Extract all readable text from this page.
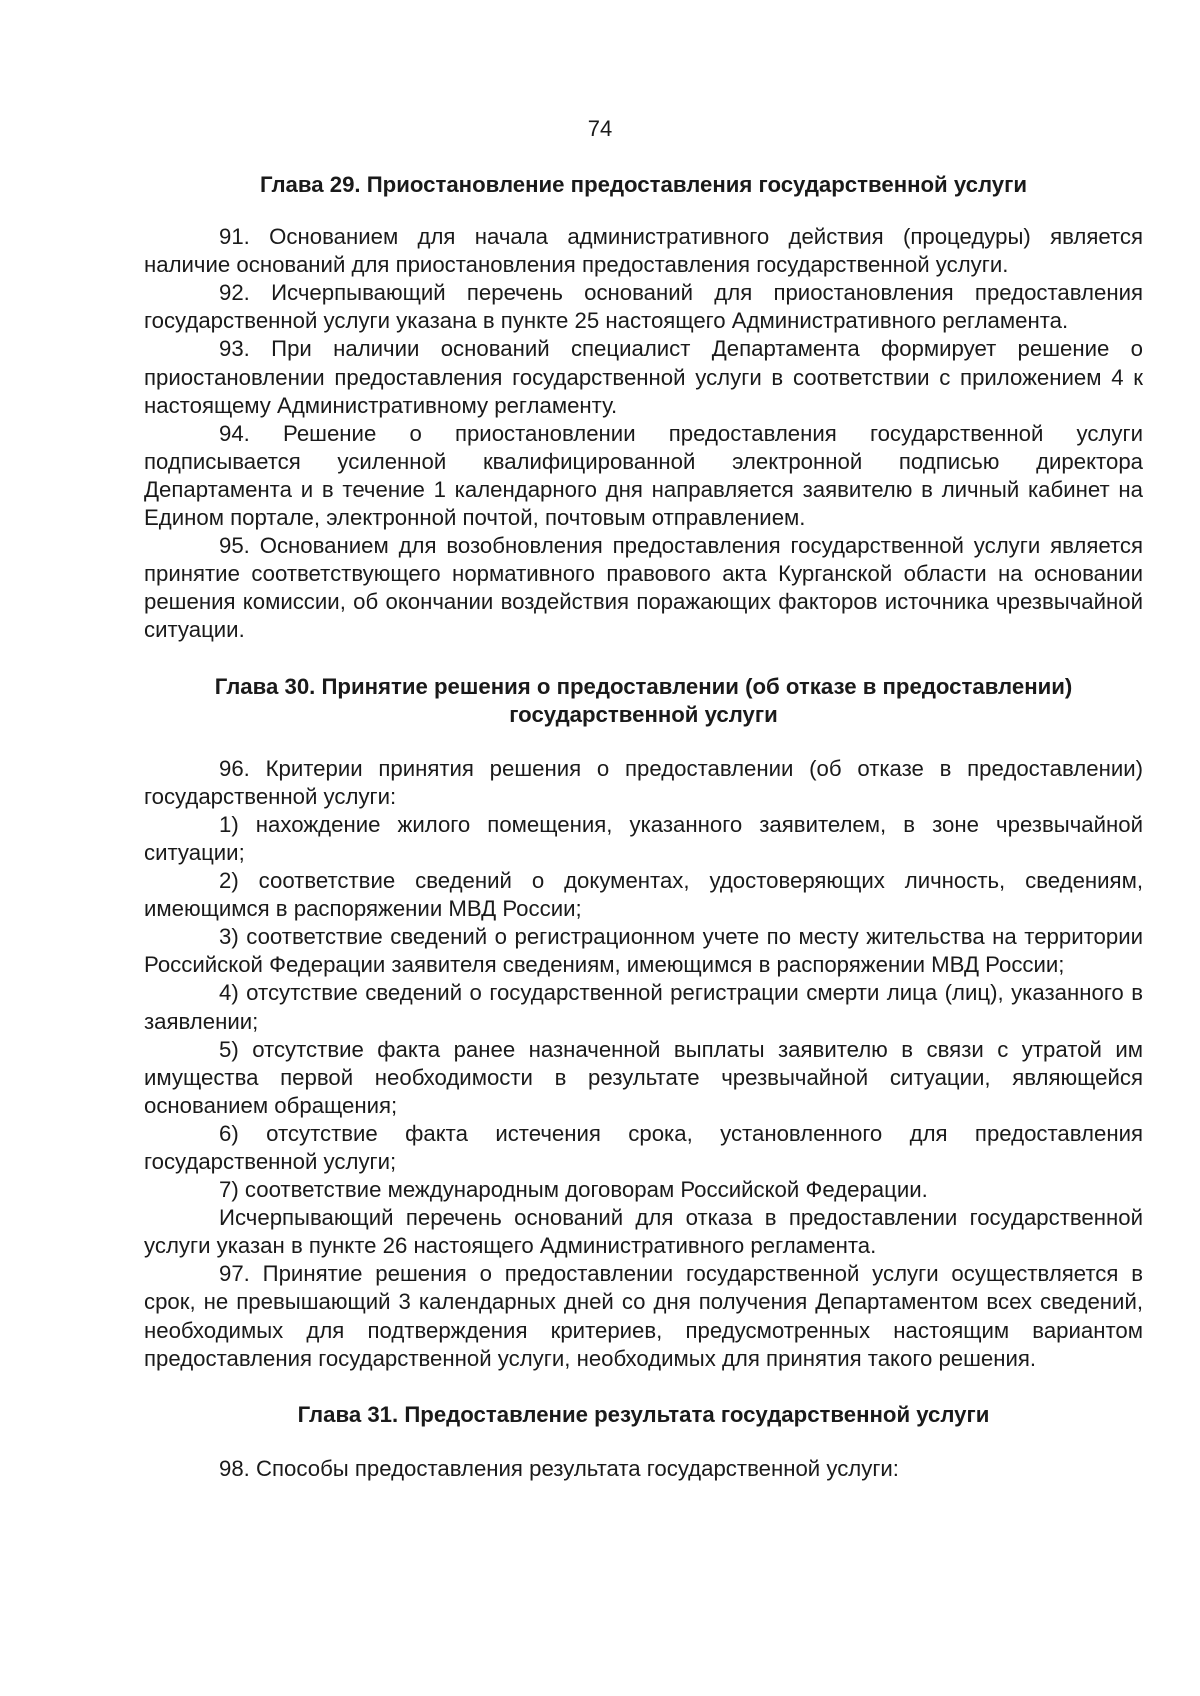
74

Глава 29. Приостановление предоставления государственной услуги

91. Основанием для начала административного действия (процедуры) является наличие оснований для приостановления предоставления государственной услуги.

92. Исчерпывающий перечень оснований для приостановления предоставления государственной услуги указана в пункте 25 настоящего Административного регламента.

93. При наличии оснований специалист Департамента формирует решение о приостановлении предоставления государственной услуги в соответствии с приложением 4 к настоящему Административному регламенту.

94. Решение о приостановлении предоставления государственной услуги подписывается усиленной квалифицированной электронной подписью директора Департамента и в течение 1 календарного дня направляется заявителю в личный кабинет на Едином портале, электронной почтой, почтовым отправлением.

95. Основанием для возобновления предоставления государственной услуги является принятие соответствующего нормативного правового акта Курганской области на основании решения комиссии, об окончании воздействия поражающих факторов источника чрезвычайной ситуации.

Глава 30. Принятие решения о предоставлении (об отказе в предоставлении)
государственной услуги

96. Критерии принятия решения о предоставлении (об отказе в предоставлении) государственной услуги:

1) нахождение жилого помещения, указанного заявителем, в зоне чрезвычайной ситуации;

2) соответствие сведений о документах, удостоверяющих личность, сведениям, имеющимся в распоряжении МВД России;

3) соответствие сведений о регистрационном учете по месту жительства на территории Российской Федерации заявителя сведениям, имеющимся в распоряжении МВД России;

4) отсутствие сведений о государственной регистрации смерти лица (лиц), указанного в заявлении;

5) отсутствие факта ранее назначенной выплаты заявителю в связи с утратой им имущества первой необходимости в результате чрезвычайной ситуации, являющейся основанием обращения;

6) отсутствие факта истечения срока, установленного для предоставления государственной услуги;

7) соответствие международным договорам Российской Федерации.

Исчерпывающий перечень оснований для отказа в предоставлении государственной услуги указан в пункте 26 настоящего Административного регламента.

97. Принятие решения о предоставлении государственной услуги осуществляется в срок, не превышающий 3 календарных дней со дня получения Департаментом всех сведений, необходимых для подтверждения критериев, предусмотренных настоящим вариантом предоставления государственной услуги, необходимых для принятия такого решения.

Глава 31. Предоставление результата государственной услуги

98. Способы предоставления результата государственной услуги:
